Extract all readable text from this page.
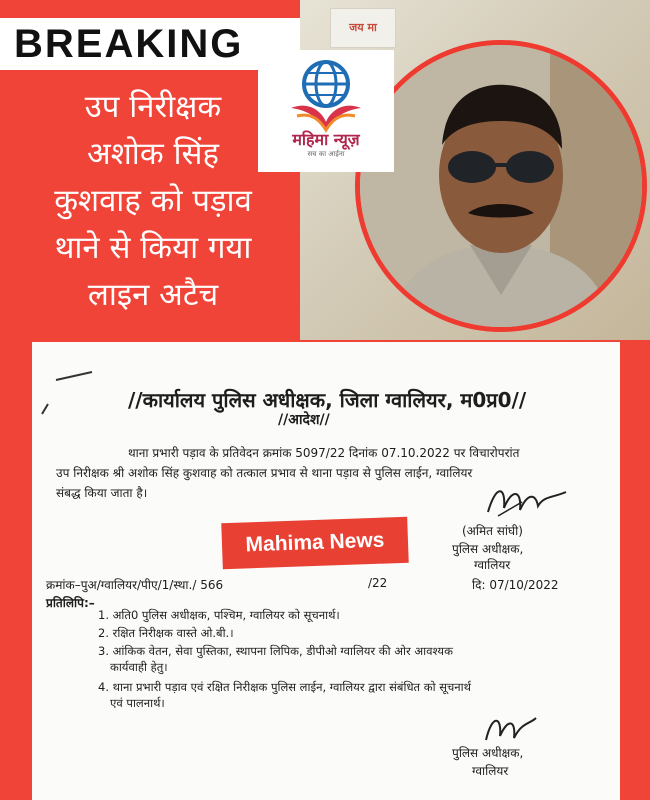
BREAKING
उप निरीक्षक
अशोक सिंह
कुशवाह को पड़ाव
थाने से किया गया
लाइन अटैच
जय मा
महिमा न्यूज़
सच का आईना
//कार्यालय पुलिस अधीक्षक, जिला ग्वालियर, म0प्र0//
//आदेश//
थाना प्रभारी पड़ाव के प्रतिवेदन क्रमांक 5097/22 दिनांक 07.10.2022 पर विचारोपरांत
उप निरीक्षक श्री अशोक सिंह कुशवाह को तत्काल प्रभाव से थाना पड़ाव से पुलिस लाईन, ग्वालियर
संबद्ध किया जाता है।
(अमित सांघी)
पुलिस अधीक्षक,
ग्वालियर
क्रमांक–पुअ/ग्वालियर/पीए/1/स्था./ 566	/22	दि: 07/10/2022
प्रतिलिपि:–
1. अति0 पुलिस अधीक्षक, पश्चिम, ग्वालियर को सूचनार्थ।
2. रक्षित निरीक्षक वास्ते ओ.बी.।
3. आंकिक वेतन, सेवा पुस्तिका, स्थापना लिपिक, डीपीओ ग्वालियर की ओर आवश्यक
कार्यवाही हेतु।
4. थाना प्रभारी पड़ाव एवं रक्षित निरीक्षक पुलिस लाईन, ग्वालियर द्वारा संबंधित को सूचनार्थ
एवं पालनार्थ।
पुलिस अधीक्षक,
ग्वालियर
Mahima News
